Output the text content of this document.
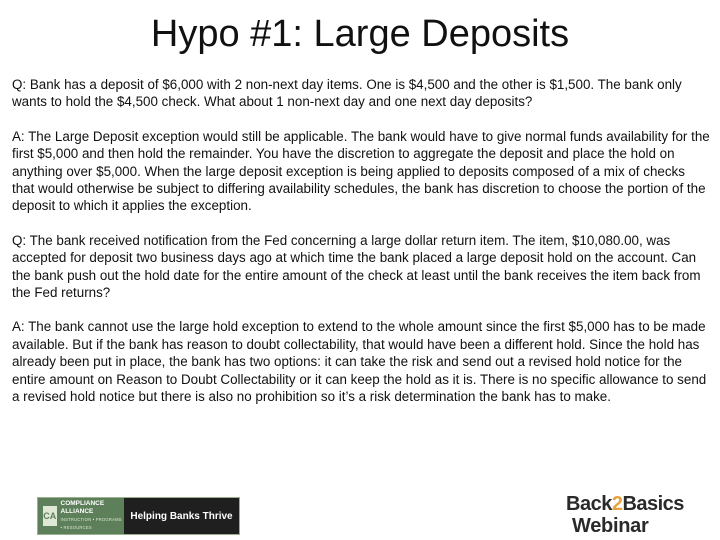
Hypo #1: Large Deposits

Q: Bank has a deposit of $6,000 with 2 non-next day items. One is $4,500 and the other is $1,500. The bank only wants to hold the $4,500 check. What about 1 non-next day and one next day deposits?

A: The Large Deposit exception would still be applicable. The bank would have to give normal funds availability for the first $5,000 and then hold the remainder. You have the discretion to aggregate the deposit and place the hold on anything over $5,000. When the large deposit exception is being applied to deposits composed of a mix of checks that would otherwise be subject to differing availability schedules, the bank has discretion to choose the portion of the deposit to which it applies the exception.

Q: The bank received notification from the Fed concerning a large dollar return item. The item, $10,080.00, was accepted for deposit two business days ago at which time the bank placed a large deposit hold on the account. Can the bank push out the hold date for the entire amount of the check at least until the bank receives the item back from the Fed returns?

A: The bank cannot use the large hold exception to extend to the whole amount since the first $5,000 has to be made available. But if the bank has reason to doubt collectability, that would have been a different hold. Since the hold has already been put in place, the bank has two options: it can take the risk and send out a revised hold notice for the entire amount on Reason to Doubt Collectability or it can keep the hold as it is. There is no specific allowance to send a revised hold notice but there is also no prohibition so it’s a risk determination the bank has to make.

CA
COMPLIANCE
ALLIANCE
INSTRUCTION • PROGRAMS • RESOURCES
Helping Banks Thrive
Back2Basics
Webinar
